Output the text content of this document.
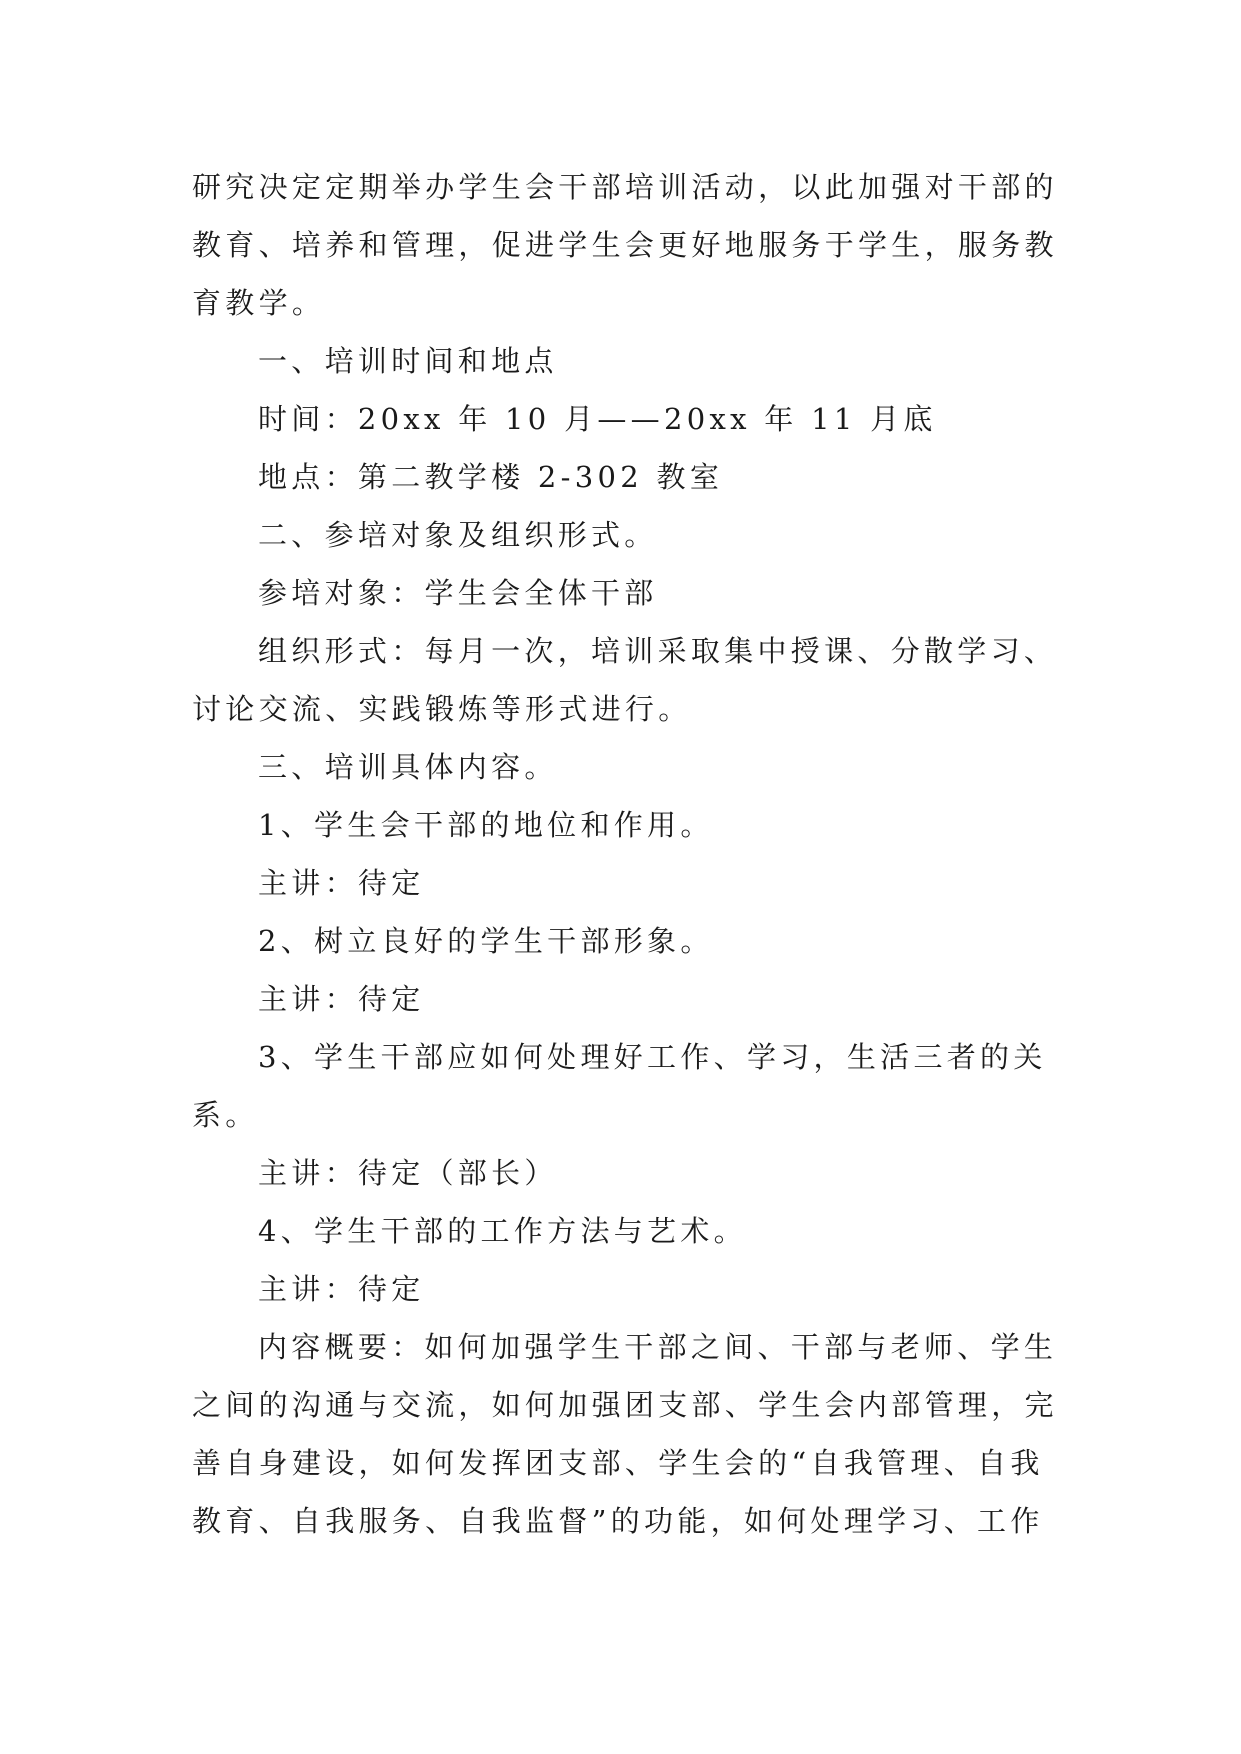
研究决定定期举办学生会干部培训活动，以此加强对干部的
教育、培养和管理，促进学生会更好地服务于学生，服务教
育教学。
一、培训时间和地点
时间：20xx 年 10 月——20xx 年 11 月底
地点：第二教学楼 2-302 教室
二、参培对象及组织形式。
参培对象：学生会全体干部
组织形式：每月一次，培训采取集中授课、分散学习、
讨论交流、实践锻炼等形式进行。
三、培训具体内容。
1、学生会干部的地位和作用。
主讲：待定
2、树立良好的学生干部形象。
主讲：待定
3、学生干部应如何处理好工作、学习，生活三者的关
系。
主讲：待定（部长）
4、学生干部的工作方法与艺术。
主讲：待定
内容概要：如何加强学生干部之间、干部与老师、学生
之间的沟通与交流，如何加强团支部、学生会内部管理，完
善自身建设，如何发挥团支部、学生会的“自我管理、自我
教育、自我服务、自我监督”的功能，如何处理学习、工作
